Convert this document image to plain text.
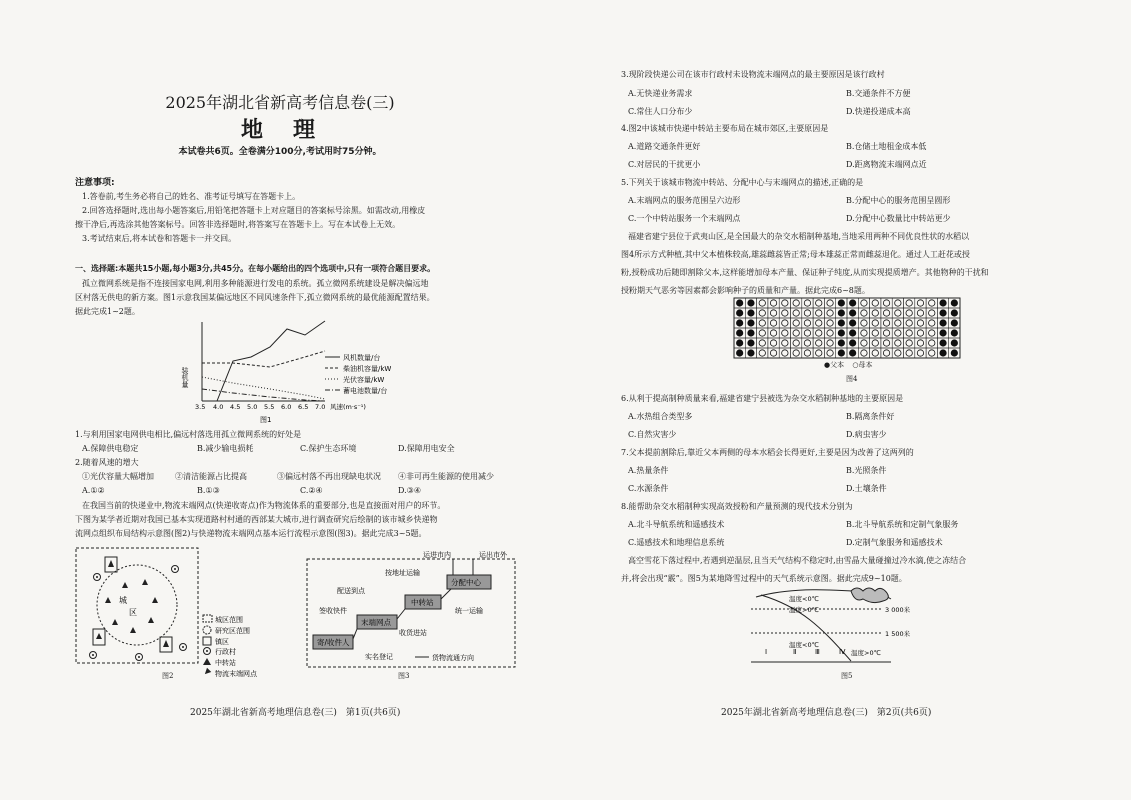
2025年湖北省新高考信息卷(三)
地　理
本试卷共6页。全卷满分100分,考试用时75分钟。
注意事项:
1.答卷前,考生务必将自己的姓名、准考证号填写在答题卡上。
2.回答选择题时,选出每小题答案后,用铅笔把答题卡上对应题目的答案标号涂黑。如需改动,用橡皮
擦干净后,再选涂其他答案标号。回答非选择题时,将答案写在答题卡上。写在本试卷上无效。
3.考试结束后,将本试卷和答题卡一并交回。
一、选择题:本题共15小题,每小题3分,共45分。在每小题给出的四个选项中,只有一项符合题目要求。
孤立微网系统是指不连接国家电网,利用多种能源进行发电的系统。孤立微网系统建设是解决偏远地
区村落无供电的新方案。图1示意我国某偏远地区不同风速条件下,孤立微网系统的最优能源配置结果。
据此完成1~2题。
装机量
3.5 4.0 4.5 5.0 5.5 6.0 6.5 7.0 风速(m·s⁻¹)
风机数量/台
柴油机容量/kW
光伏容量/kW
蓄电池数量/台
图1
1.与利用国家电网供电相比,偏远村落选用孤立微网系统的好处是
A.保障供电稳定	B.减少输电损耗	C.保护生态环境	D.保障用电安全
2.随着风速的增大
①光伏容量大幅增加	②清洁能源占比提高	③偏远村落不再出现缺电状况 ④非可再生能源的使用减少
A.①②	B.①③	C.②④	D.③④
在我国当前的快递业中,物流末端网点(快递收寄点)作为物流体系的重要部分,也是直接面对用户的环节。
下图为某学者近期对我国已基本实现道路村村通的西部某大城市,进行调查研究后绘制的该市城乡快递物
流网点组织布局结构示意图(图2)与快递物流末端网点基本运行流程示意图(图3)。据此完成3~5题。
城
区
城区范围
研究区范围
镇区
行政村
中转站
物流末端网点
图2
运进市内	运出市外
分配中心
按地址运输
中转站
配送到点
统一运输
签收快件
末端网点
收货进站
寄/收件人
实名登记	货物流通方向
图3
2025年湖北省新高考地理信息卷(三)　第1页(共6页)
3.现阶段快递公司在该市行政村未设物流末端网点的最主要原因是该行政村
A.无快递业务需求	B.交通条件不方便
C.常住人口分布少	D.快递投递成本高
4.图2中该城市快递中转站主要布局在城市郊区,主要原因是
A.道路交通条件更好	B.仓储土地租金成本低
C.对居民的干扰更小	D.距离物流末端网点近
5.下列关于该城市物流中转站、分配中心与末端网点的描述,正确的是
A.末端网点的服务范围呈六边形	B.分配中心的服务范围呈圆形
C.一个中转站服务一个末端网点	D.分配中心数量比中转站更少
福建省建宁县位于武夷山区,是全国最大的杂交水稻制种基地,当地采用两种不同优良性状的水稻以
图4所示方式种植,其中父本植株较高,雄蕊雌蕊皆正常;母本雄蕊正常而雌蕊退化。通过人工赶花或授
粉,授粉成功后随即割除父本,这样能增加母本产量、保证种子纯度,从而实现提质增产。其他物种的干扰和
授粉期天气恶劣等因素都会影响种子的质量和产量。据此完成6~8题。
●父本 ○母本
图4
6.从利于提高制种质量来看,福建省建宁县被选为杂交水稻制种基地的主要原因是
A.水热组合类型多	B.隔离条件好
C.自然灾害少	D.病虫害少
7.父本提前割除后,靠近父本两侧的母本水稻会长得更好,主要是因为改善了这两列的
A.热量条件	B.光照条件
C.水源条件	D.土壤条件
8.能帮助杂交水稻制种实现高效授粉和产量预测的现代技术分别为
A.北斗导航系统和遥感技术	B.北斗导航系统和定制气象服务
C.遥感技术和地理信息系统	D.定制气象服务和遥感技术
高空雪花下落过程中,若遇到逆温层,且当天气结构不稳定时,由雪晶大量碰撞过冷水滴,使之冻结合
并,将会出现“霰”。图5为某地降雪过程中的天气系统示意图。据此完成9~10题。
温度<0℃
温度>0℃
温度<0℃
温度>0℃
3 000米
1 500米
Ⅰ	Ⅱ	Ⅲ	Ⅳ
图5
2025年湖北省新高考地理信息卷(三)　第2页(共6页)
